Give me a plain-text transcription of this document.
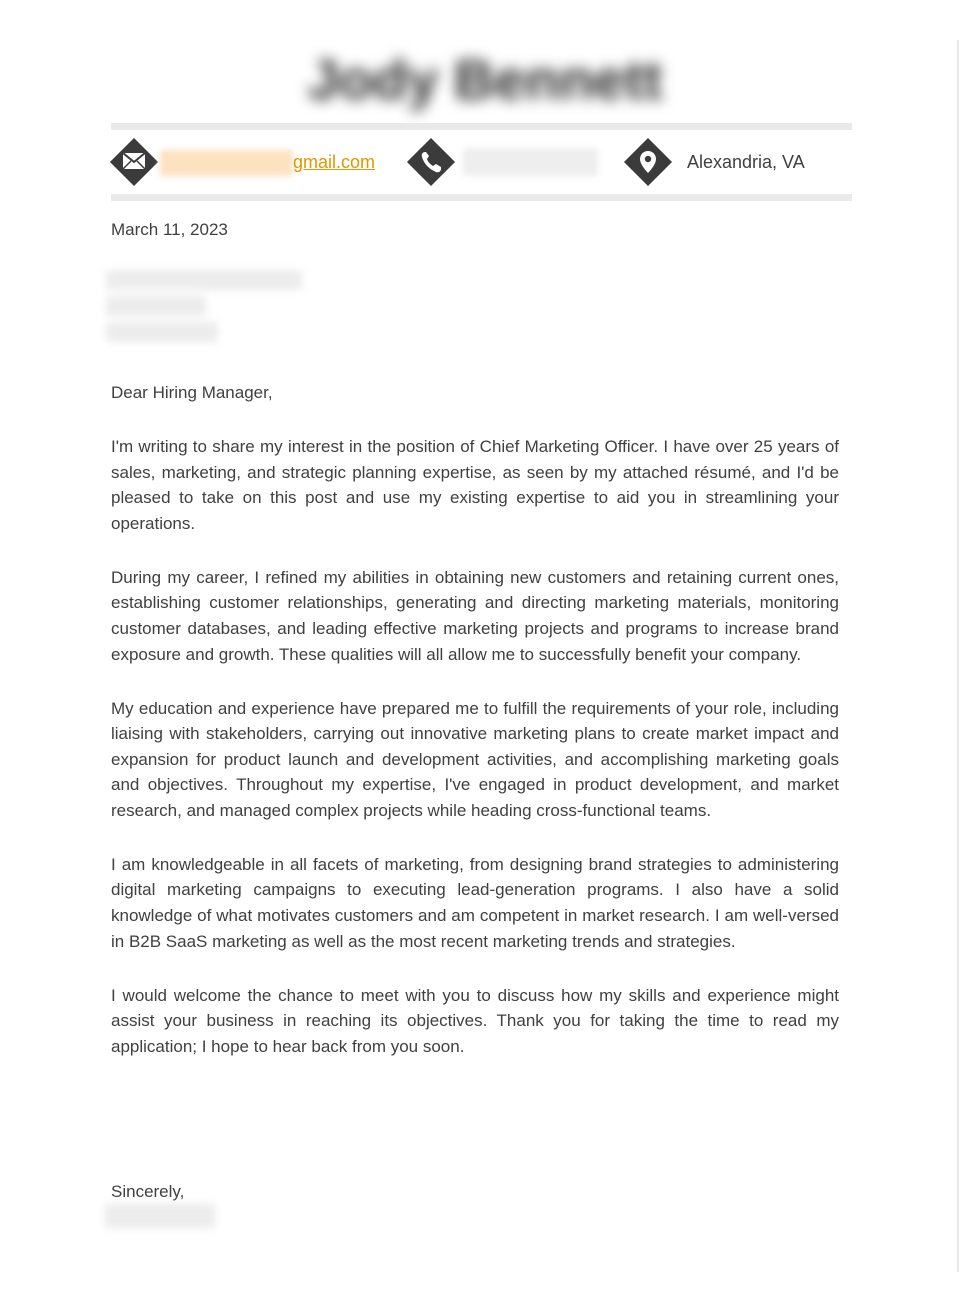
Jody Bennett
gmail.com	Alexandria, VA
March 11, 2023
Dear Hiring Manager,

I'm writing to share my interest in the position of Chief Marketing Officer. I have over 25 years of sales, marketing, and strategic planning expertise, as seen by my attached résumé, and I'd be pleased to take on this post and use my existing expertise to aid you in streamlining your operations.

During my career, I refined my abilities in obtaining new customers and retaining current ones, establishing customer relationships, generating and directing marketing materials, monitoring customer databases, and leading effective marketing projects and programs to increase brand exposure and growth. These qualities will all allow me to successfully benefit your company.

My education and experience have prepared me to fulfill the requirements of your role, including liaising with stakeholders, carrying out innovative marketing plans to create market impact and expansion for product launch and development activities, and accomplishing marketing goals and objectives. Throughout my expertise, I've engaged in product development, and market research, and managed complex projects while heading cross-functional teams.

I am knowledgeable in all facets of marketing, from designing brand strategies to administering digital marketing campaigns to executing lead-generation programs. I also have a solid knowledge of what motivates customers and am competent in market research. I am well-versed in B2B SaaS marketing as well as the most recent marketing trends and strategies.

I would welcome the chance to meet with you to discuss how my skills and experience might assist your business in reaching its objectives. Thank you for taking the time to read my application; I hope to hear back from you soon.

Sincerely,
